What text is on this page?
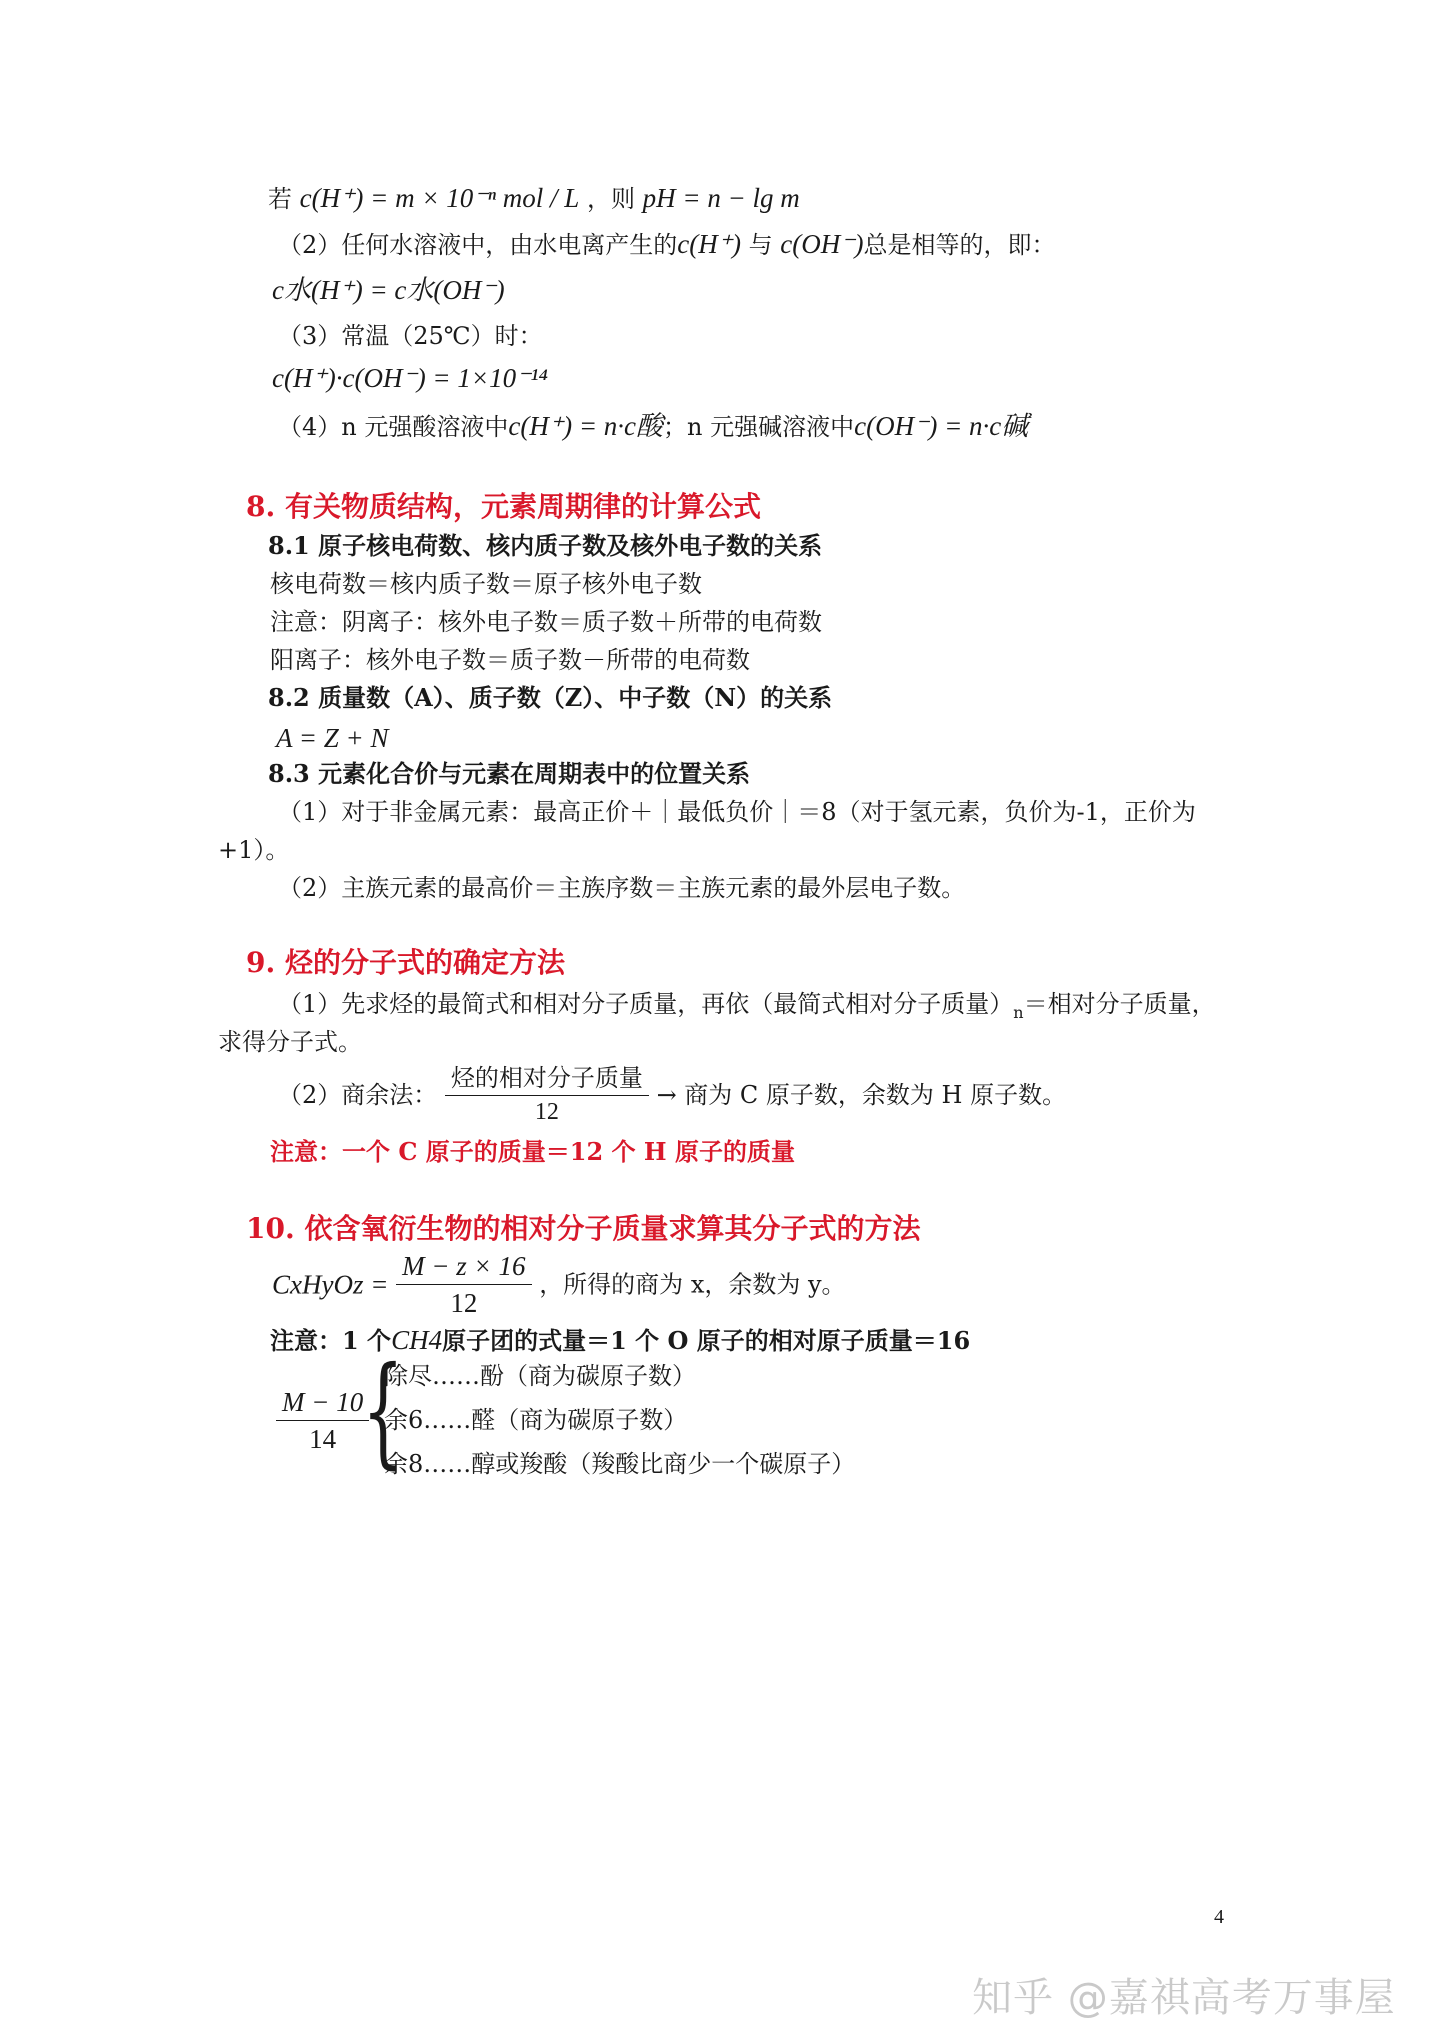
若 c(H⁺) = m × 10⁻ⁿ mol / L ，则 pH = n − lg m
（2）任何水溶液中，由水电离产生的c(H⁺) 与 c(OH⁻)总是相等的，即：
c水(H⁺) = c水(OH⁻)
（3）常温（25℃）时：
c(H⁺)·c(OH⁻) = 1×10⁻¹⁴
（4）n 元强酸溶液中c(H⁺) = n·c酸；n 元强碱溶液中c(OH⁻) = n·c碱
8. 有关物质结构，元素周期律的计算公式
8.1 原子核电荷数、核内质子数及核外电子数的关系
核电荷数＝核内质子数＝原子核外电子数
注意：阴离子：核外电子数＝质子数＋所带的电荷数
阳离子：核外电子数＝质子数－所带的电荷数
8.2 质量数（A）、质子数（Z）、中子数（N）的关系
A = Z + N
8.3 元素化合价与元素在周期表中的位置关系
（1）对于非金属元素：最高正价＋｜最低负价｜＝8（对于氢元素，负价为-1，正价为
+1）。
（2）主族元素的最高价＝主族序数＝主族元素的最外层电子数。
9. 烃的分子式的确定方法
（1）先求烃的最简式和相对分子质量，再依（最简式相对分子质量）$_n=$相对分子质量，
求得分子式。
（2）商余法： $\frac{\text{烃的相对分子质量}}{12}$ → 商为 C 原子数，余数为 H 原子数。
注意：一个 C 原子的质量＝12 个 H 原子的质量
10. 依含氧衍生物的相对分子质量求算其分子式的方法
CxHyOz = $\frac{M - z \times 16}{12}$ ，所得的商为 x，余数为 y。
注意：1 个CH4原子团的式量＝1 个 O 原子的相对原子质量＝16
$\frac{M - 10}{14}$
{
除尽……酚（商为碳原子数）
余6……醛（商为碳原子数）
余8……醇或羧酸（羧酸比商少一个碳原子）
4
知乎 @嘉祺高考万事屋
